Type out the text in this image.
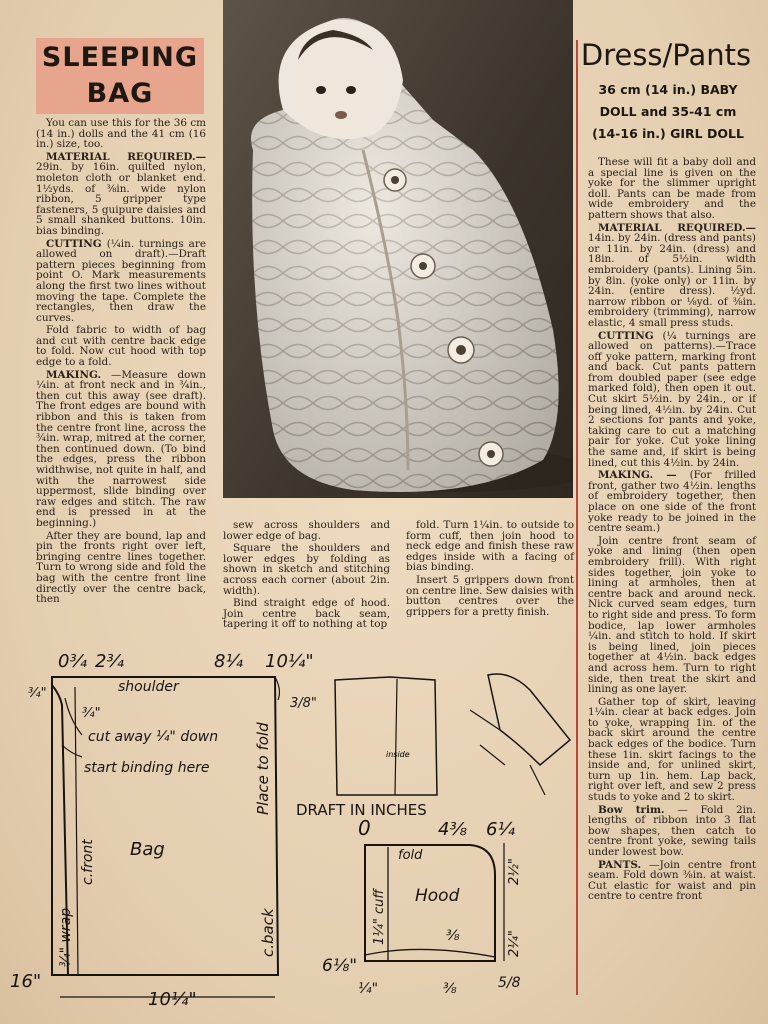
SLEEPING
BAG

You can use this for the 36 cm (14 in.) dolls and the 41 cm (16 in.) size, too.

MATERIAL REQUIRED.— 29in. by 16in. quilted nylon, moleton cloth or blanket end. 1½yds. of ⅜in. wide nylon ribbon, 5 gripper type fasteners, 5 guipure daisies and 5 small shanked buttons. 10in. bias binding.

CUTTING (¼in. turnings are allowed on draft).—Draft pattern pieces beginning from point O. Mark measurements along the first two lines without moving the tape. Complete the rectangles, then draw the curves.

Fold fabric to width of bag and cut with centre back edge to fold. Now cut hood with top edge to a fold.

MAKING. —Measure down ¼in. at front neck and in ¾in., then cut this away (see draft). The front edges are bound with ribbon and this is taken from the centre front line, across the ¾in. wrap, mitred at the corner, then continued down. (To bind the edges, press the ribbon widthwise, not quite in half, and with the narrowest side uppermost, slide binding over raw edges and stitch. The raw end is pressed in at the beginning.)

After they are bound, lap and pin the fronts right over left, bringing centre lines together. Turn to wrong side and fold the bag with the centre front line directly over the centre back, then

sew across shoulders and lower edge of bag.

Square the shoulders and lower edges by folding as shown in sketch and stitching across each corner (about 2in. width).

Bind straight edge of hood. Join centre back seam, tapering it off to nothing at top

fold. Turn 1¼in. to outside to form cuff, then join hood to neck edge and finish these raw edges inside with a facing of bias binding.

Insert 5 grippers down front on centre line. Sew daisies with button centres over the grippers for a pretty finish.

Dress/Pants
36 cm (14 in.) BABY
DOLL and 35-41 cm
(14-16 in.) GIRL DOLL

These will fit a baby doll and a special line is given on the yoke for the slimmer upright doll. Pants can be made from wide embroidery and the pattern shows that also.

MATERIAL REQUIRED.— 14in. by 24in. (dress and pants) or 11in. by 24in. (dress) and 18in. of 5½in. width embroidery (pants). Lining 5in. by 8in. (yoke only) or 11in. by 24in. (entire dress). ½yd. narrow ribbon or ⅛yd. of ⅜in. embroidery (trimming), narrow elastic, 4 small press studs.

CUTTING (¼ turnings are allowed on patterns).—Trace off yoke pattern, marking front and back. Cut pants pattern from doubled paper (see edge marked fold), then open it out. Cut skirt 5½in. by 24in., or if being lined, 4½in. by 24in. Cut 2 sections for pants and yoke, taking care to cut a matching pair for yoke. Cut yoke lining the same and, if skirt is being lined, cut this 4½in. by 24in.

MAKING. — (For frilled front, gather two 4½in. lengths of embroidery together, then place on one side of the front yoke ready to be joined in the centre seam.)

Join centre front seam of yoke and lining (then open embroidery frill). With right sides together, join yoke to lining at armholes, then at centre back and around neck. Nick curved seam edges, turn to right side and press. To form bodice, lap lower armholes ¼in. and stitch to hold. If skirt is being lined, join pieces together at 4½in. back edges and across hem. Turn to right side, then treat the skirt and lining as one layer.

Gather top of skirt, leaving 1¼in. clear at back edges. Join to yoke, wrapping 1in. of the back skirt around the centre back edges of the bodice. Turn these 1in. skirt facings to the inside and, for unlined skirt, turn up 1in. hem. Lap back, right over left, and sew 2 press studs to yoke and 2 to skirt.

Bow trim. — Fold 2in. lengths of ribbon into 3 flat bow shapes, then catch to centre front yoke, sewing tails under lowest bow.

PANTS. —Join centre front seam. Fold down ⅜in. at waist. Cut elastic for waist and pin centre to centre front

0¾ 2¾	8¼ 10¼"
shoulder
¾"
¾"
3/8"
cut away ¼" down
start binding here
Bag
c.front
¾" wrap
Place to fold
c.back
16"
10¼"
inside
DRAFT IN INCHES
0	4⅜ 6¼
fold
1¼" cuff Hood
2½"
2¼"
⅜
6⅛"
¼"	⅜	5/8
